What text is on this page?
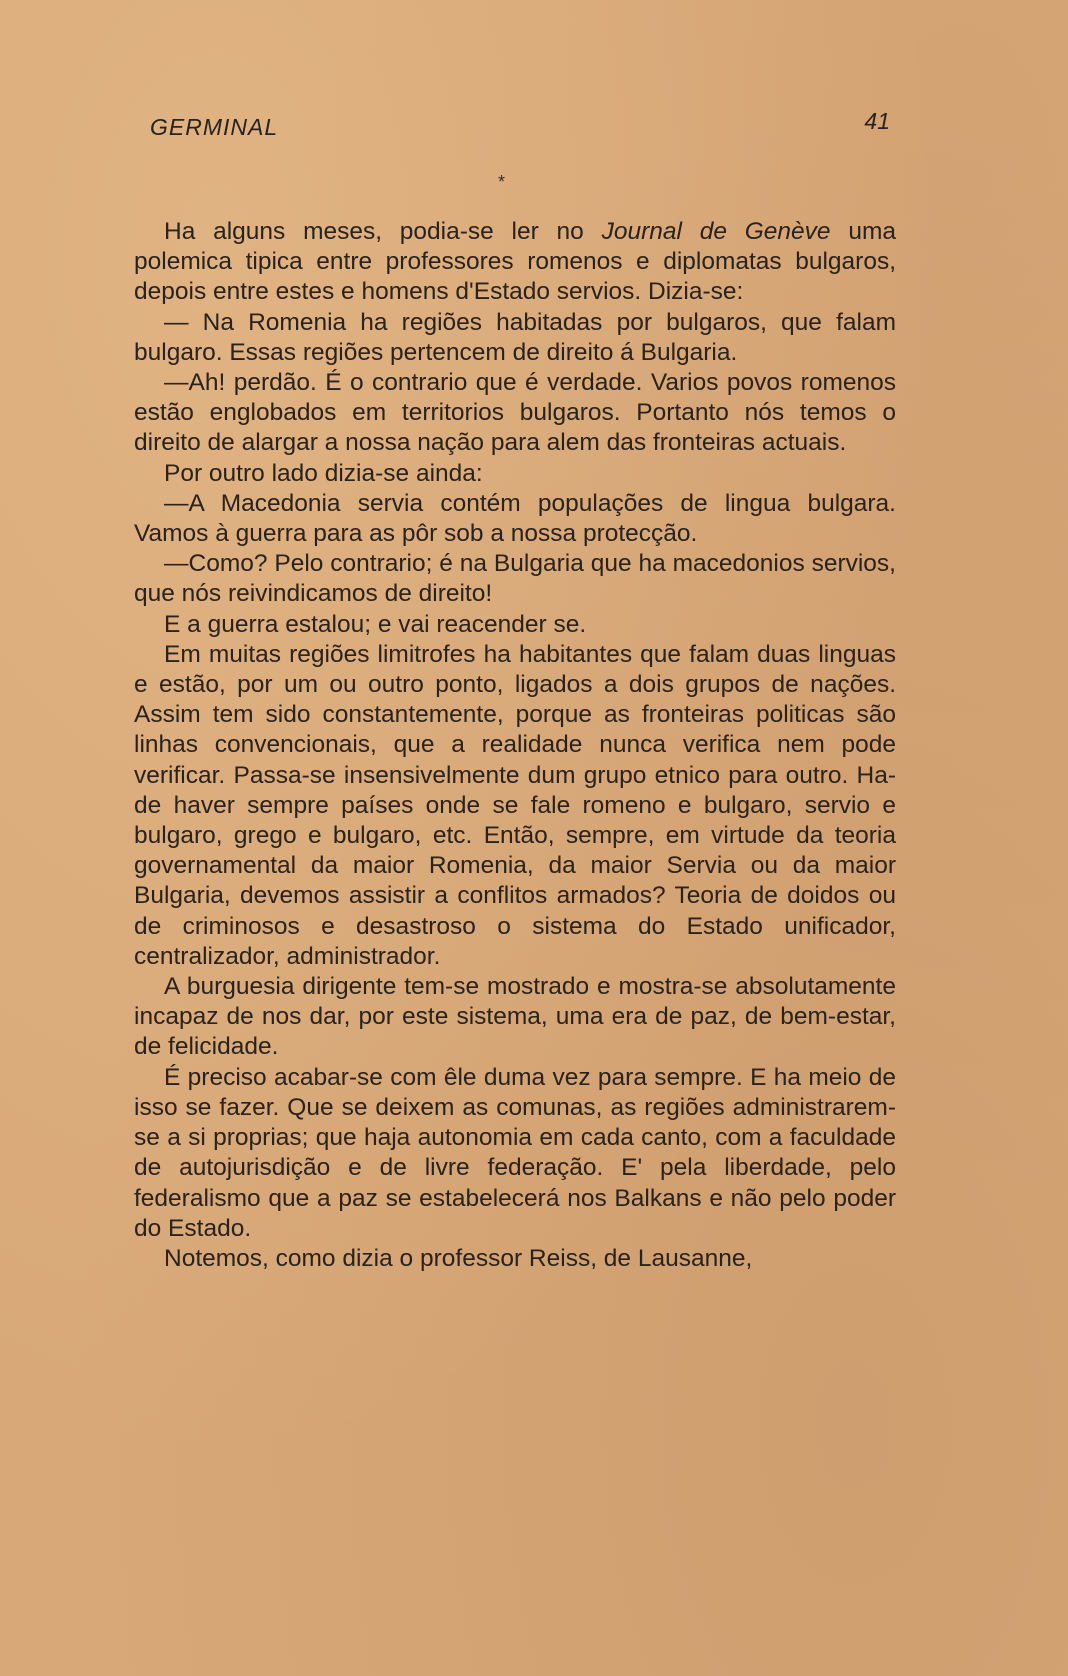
GERMINAL	41
*

Ha alguns meses, podia-se ler no Journal de Genève uma polemica tipica entre professores romenos e diplomatas bulgaros, depois entre estes e homens d'Estado servios. Dizia-se:

— Na Romenia ha regiões habitadas por bulgaros, que falam bulgaro. Essas regiões pertencem de direito á Bulgaria.

—Ah! perdão. É o contrario que é verdade. Varios povos romenos estão englobados em territorios bulgaros. Portanto nós temos o direito de alargar a nossa nação para alem das fronteiras actuais.

Por outro lado dizia-se ainda:

—A Macedonia servia contém populações de lingua bulgara. Vamos à guerra para as pôr sob a nossa protecção.

—Como? Pelo contrario; é na Bulgaria que ha macedonios servios, que nós reivindicamos de direito!

E a guerra estalou; e vai reacender se.

Em muitas regiões limitrofes ha habitantes que falam duas linguas e estão, por um ou outro ponto, ligados a dois grupos de nações. Assim tem sido constantemente, porque as fronteiras politicas são linhas convencionais, que a realidade nunca verifica nem pode verificar. Passa-se insensivelmente dum grupo etnico para outro. Ha-de haver sempre países onde se fale romeno e bulgaro, servio e bulgaro, grego e bulgaro, etc. Então, sempre, em virtude da teoria governamental da maior Romenia, da maior Servia ou da maior Bulgaria, devemos assistir a conflitos armados? Teoria de doidos ou de criminosos e desastroso o sistema do Estado unificador, centralizador, administrador.

A burguesia dirigente tem-se mostrado e mostra-se absolutamente incapaz de nos dar, por este sistema, uma era de paz, de bem-estar, de felicidade.

É preciso acabar-se com êle duma vez para sempre. E ha meio de isso se fazer. Que se deixem as comunas, as regiões administrarem-se a si proprias; que haja autonomia em cada canto, com a faculdade de autojurisdição e de livre federação. E' pela liberdade, pelo federalismo que a paz se estabelecerá nos Balkans e não pelo poder do Estado.

Notemos, como dizia o professor Reiss, de Lausanne,
